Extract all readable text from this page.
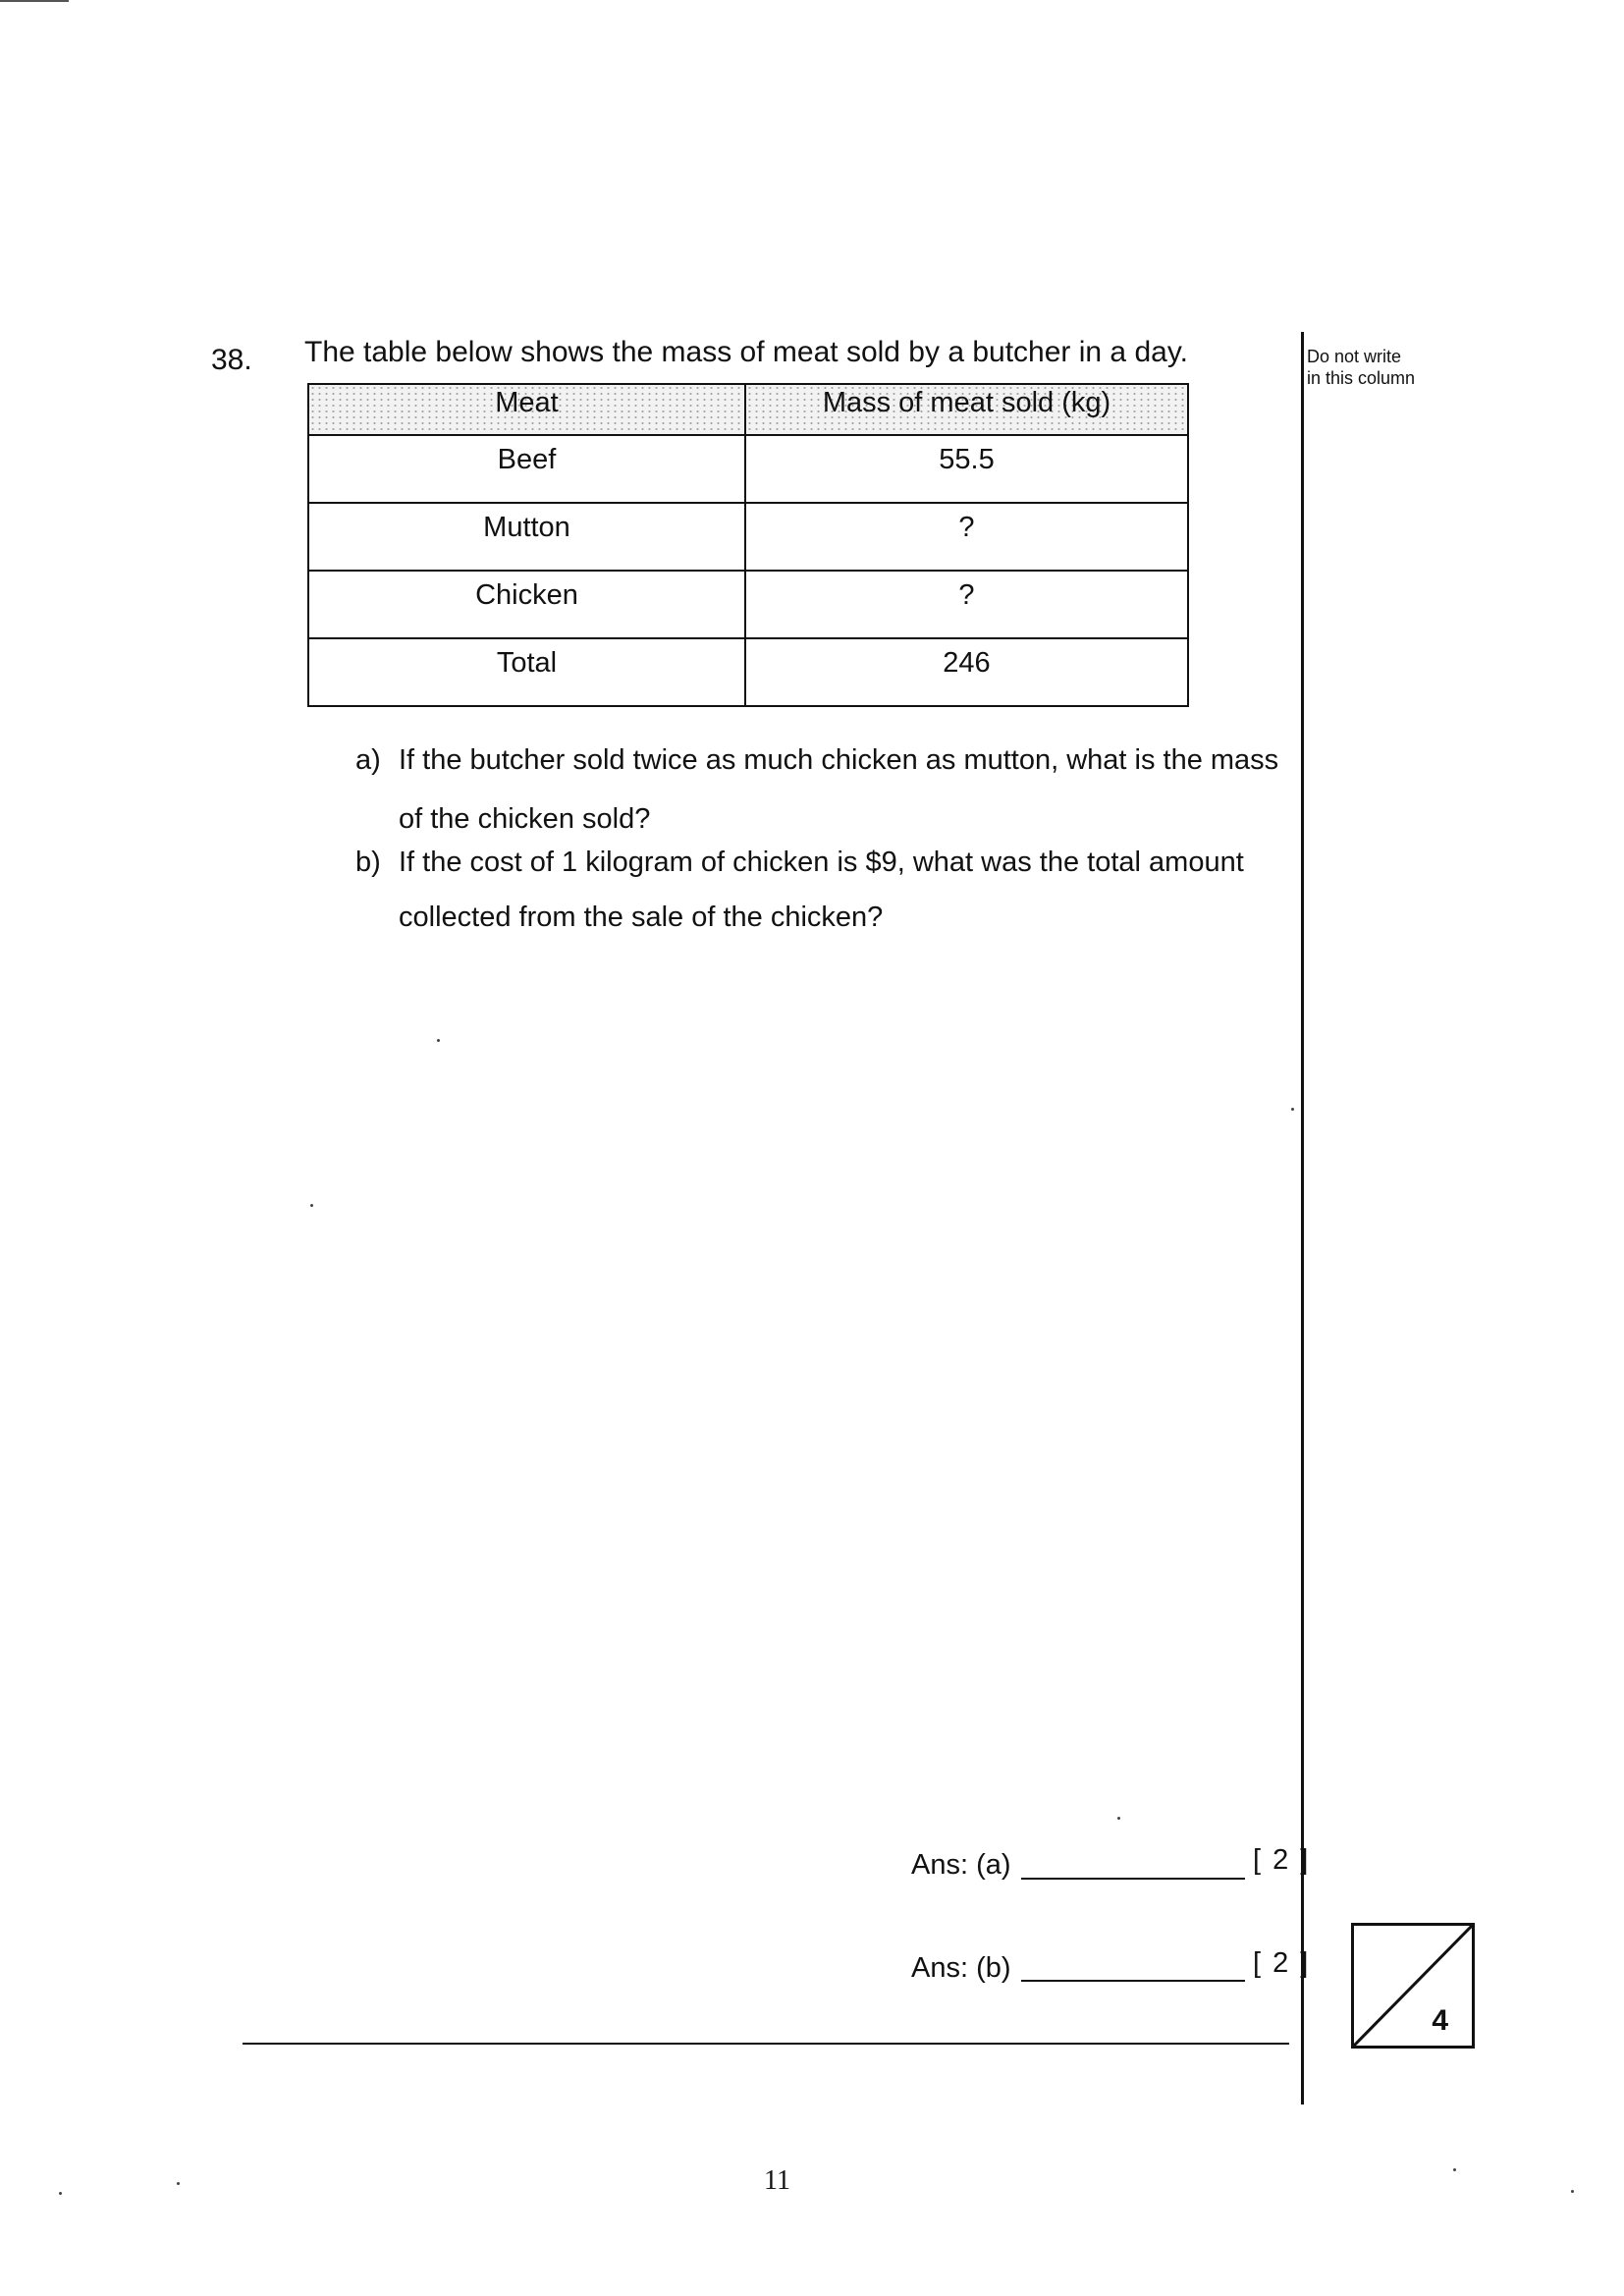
38. The table below shows the mass of meat sold by a butcher in a day.	Do not write
in this column
Meat	Mass of meat sold (kg)
Beef	55.5
Mutton	?
Chicken	?
Total	246
a) If the butcher sold twice as much chicken as mutton, what is the mass
of the chicken sold?
b) If the cost of 1 kilogram of chicken is $9, what was the total amount
collected from the sale of the chicken?
Ans: (a)	[ 2 ]
Ans: (b)	[ 2 ]
4
11
